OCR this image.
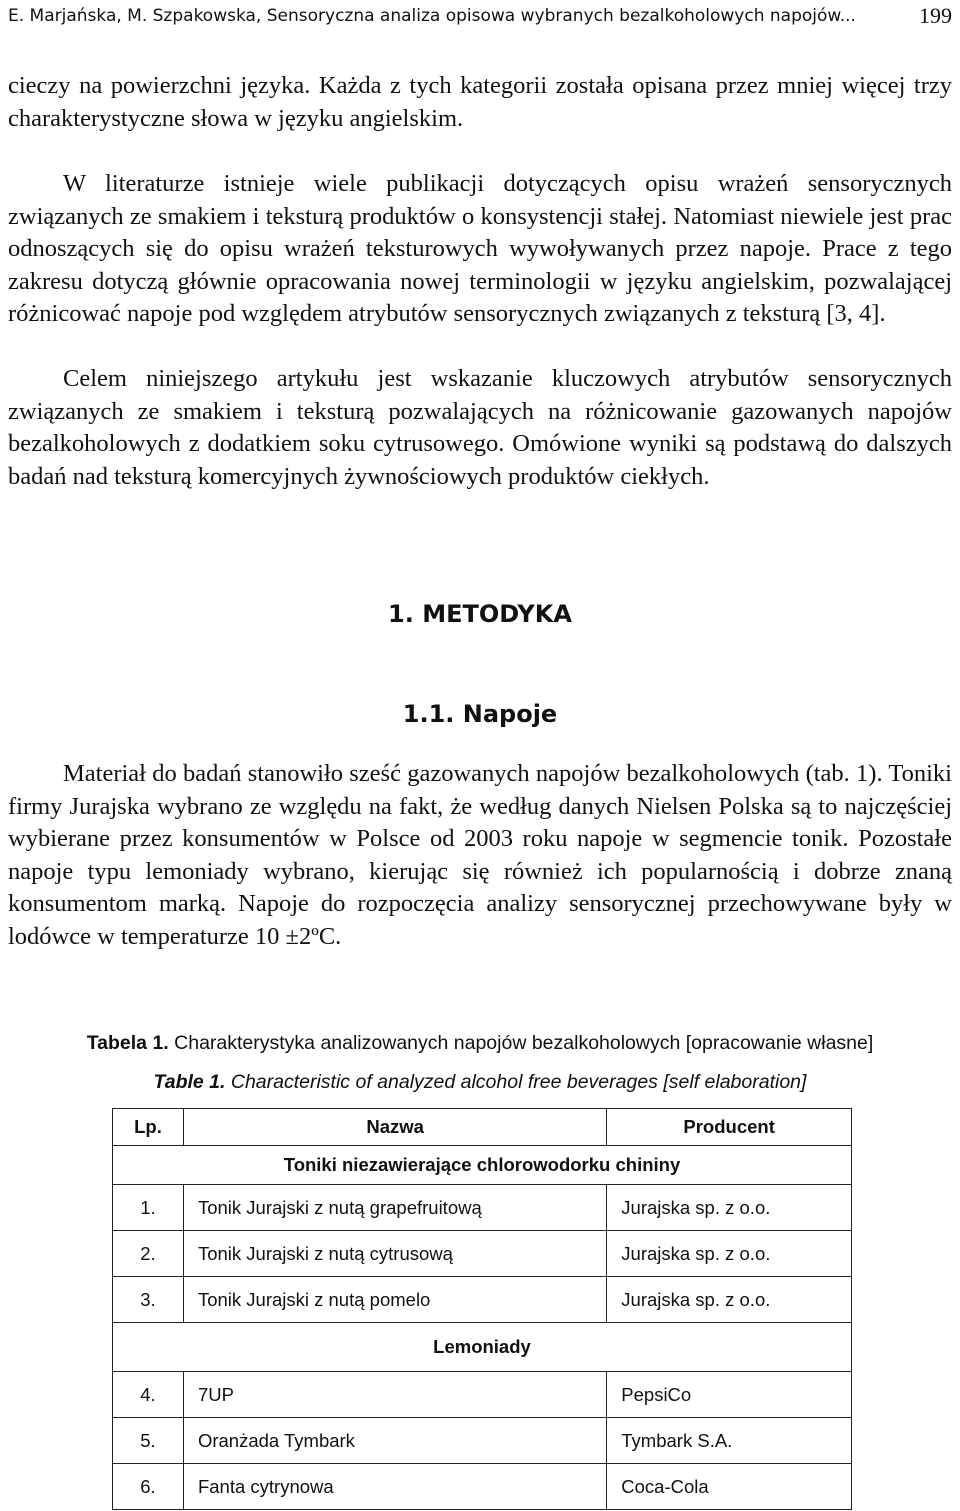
E. Marjańska, M. Szpakowska, Sensoryczna analiza opisowa wybranych bezalkoholowych napojów...	199

cieczy na powierzchni języka. Każda z tych kategorii została opisana przez mniej więcej trzy charakterystyczne słowa w języku angielskim.

W literaturze istnieje wiele publikacji dotyczących opisu wrażeń sensorycznych związanych ze smakiem i teksturą produktów o konsystencji stałej. Natomiast niewiele jest prac odnoszących się do opisu wrażeń teksturowych wywoływanych przez napoje. Prace z tego zakresu dotyczą głównie opracowania nowej terminologii w języku angielskim, pozwalającej różnicować napoje pod względem atrybutów sensorycznych związanych z teksturą [3, 4].

Celem niniejszego artykułu jest wskazanie kluczowych atrybutów sensorycznych związanych ze smakiem i teksturą pozwalających na różnicowanie gazowanych napojów bezalkoholowych z dodatkiem soku cytrusowego. Omówione wyniki są podstawą do dalszych badań nad teksturą komercyjnych żywnościowych produktów ciekłych.

1. METODYKA
1.1. Napoje

Materiał do badań stanowiło sześć gazowanych napojów bezalkoholowych (tab. 1). Toniki firmy Jurajska wybrano ze względu na fakt, że według danych Nielsen Polska są to najczęściej wybierane przez konsumentów w Polsce od 2003 roku napoje w segmencie tonik. Pozostałe napoje typu lemoniady wybrano, kierując się również ich popularnością i dobrze znaną konsumentom marką. Napoje do rozpoczęcia analizy sensorycznej przechowywane były w lodówce w temperaturze 10 ±2ºC.

Tabela 1. Charakterystyka analizowanych napojów bezalkoholowych [opracowanie własne]
Table 1. Characteristic of analyzed alcohol free beverages [self elaboration]
Lp.	Nazwa	Producent
Toniki niezawierające chlorowodorku chininy		
1.	Tonik Jurajski z nutą grapefruitową	Jurajska sp. z o.o.
2.	Tonik Jurajski z nutą cytrusową	Jurajska sp. z o.o.
3.	Tonik Jurajski z nutą pomelo	Jurajska sp. z o.o.
Lemoniady		
4.	7UP	PepsiCo
5.	Oranżada Tymbark	Tymbark S.A.
6.	Fanta cytrynowa	Coca-Cola
